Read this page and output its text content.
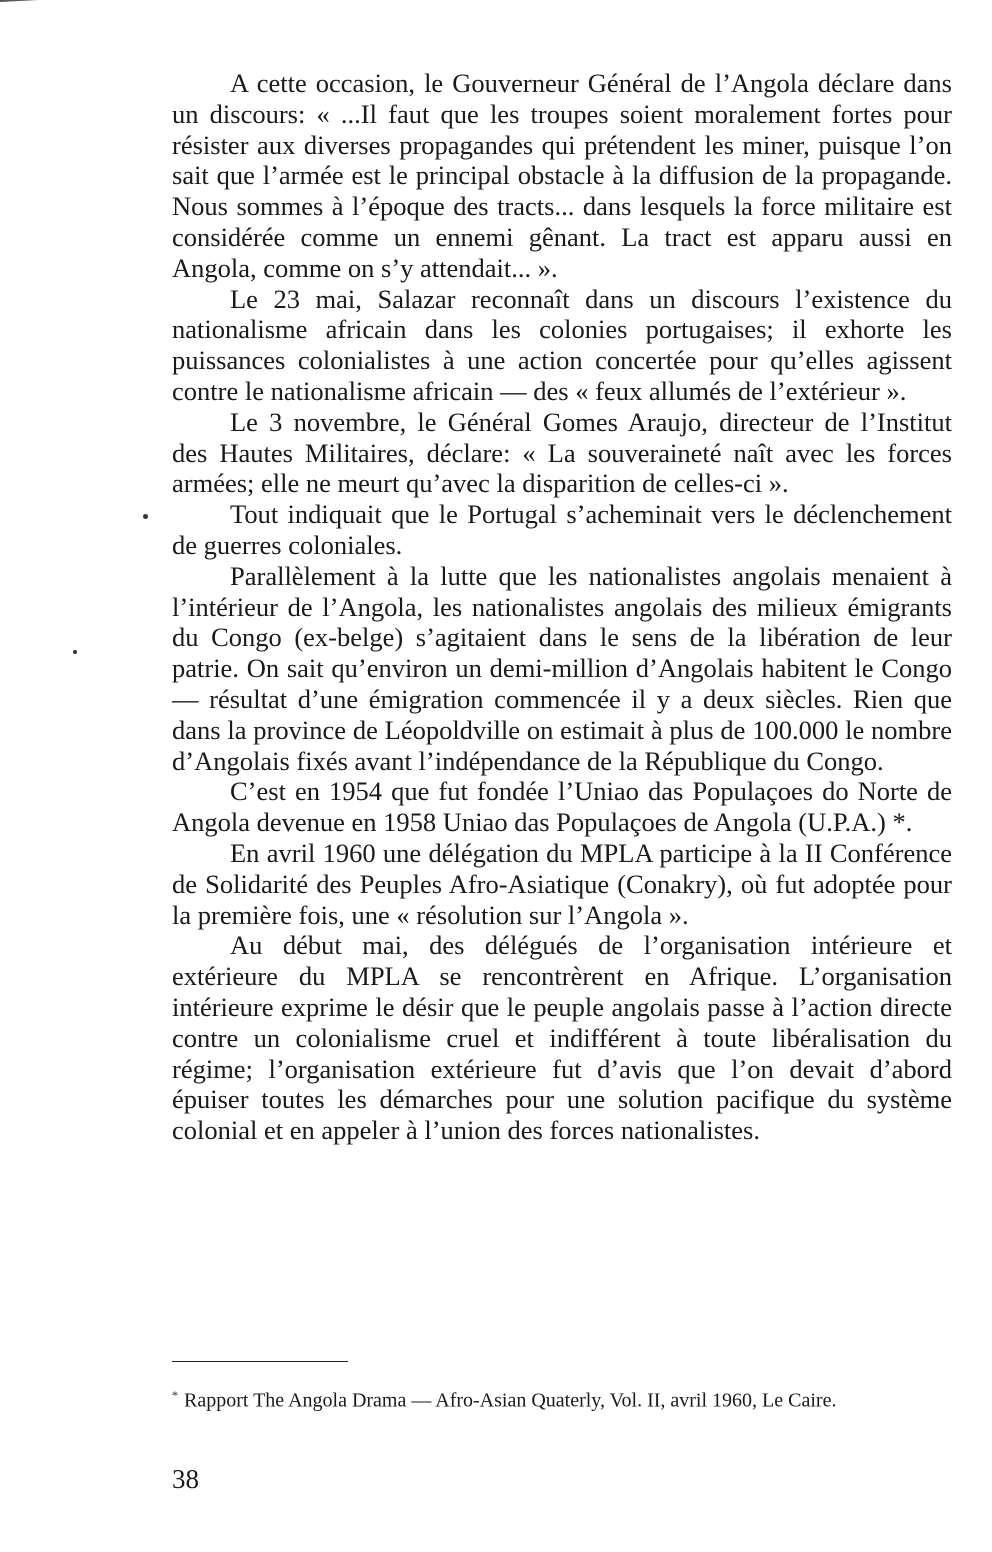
A cette occasion, le Gouverneur Général de l’Angola déclare dans un discours: « ...Il faut que les troupes soient moralement fortes pour résister aux diverses propagandes qui prétendent les miner, puisque l’on sait que l’armée est le principal obstacle à la diffusion de la propagande. Nous sommes à l’époque des tracts... dans lesquels la force militaire est considérée comme un ennemi gênant. La tract est apparu aussi en Angola, comme on s’y attendait... ».

Le 23 mai, Salazar reconnaît dans un discours l’existence du nationalisme africain dans les colonies portugaises; il exhorte les puissances colonialistes à une action concertée pour qu’elles agissent contre le nationalisme africain — des « feux allumés de l’extérieur ».

Le 3 novembre, le Général Gomes Araujo, directeur de l’Institut des Hautes Militaires, déclare: « La souveraineté naît avec les forces armées; elle ne meurt qu’avec la disparition de celles-ci ».

Tout indiquait que le Portugal s’acheminait vers le déclenchement de guerres coloniales.

Parallèlement à la lutte que les nationalistes angolais menaient à l’intérieur de l’Angola, les nationalistes angolais des milieux émigrants du Congo (ex-belge) s’agitaient dans le sens de la libération de leur patrie. On sait qu’environ un demi-million d’Angolais habitent le Congo — résultat d’une émigration commencée il y a deux siècles. Rien que dans la province de Léopoldville on estimait à plus de 100.000 le nombre d’Angolais fixés avant l’indépendance de la République du Congo.

C’est en 1954 que fut fondée l’Uniao das Populaçoes do Norte de Angola devenue en 1958 Uniao das Populaçoes de Angola (U.P.A.) *.

En avril 1960 une délégation du MPLA participe à la II Conférence de Solidarité des Peuples Afro-Asiatique (Conakry), où fut adoptée pour la première fois, une « résolution sur l’Angola ».

Au début mai, des délégués de l’organisation intérieure et extérieure du MPLA se rencontrèrent en Afrique. L’organisation intérieure exprime le désir que le peuple angolais passe à l’action directe contre un colonialisme cruel et indifférent à toute libéralisation du régime; l’organisation extérieure fut d’avis que l’on devait d’abord épuiser toutes les démarches pour une solution pacifique du système colonial et en appeler à l’union des forces nationalistes.

* Rapport The Angola Drama — Afro-Asian Quaterly, Vol. II, avril 1960, Le Caire.

38
